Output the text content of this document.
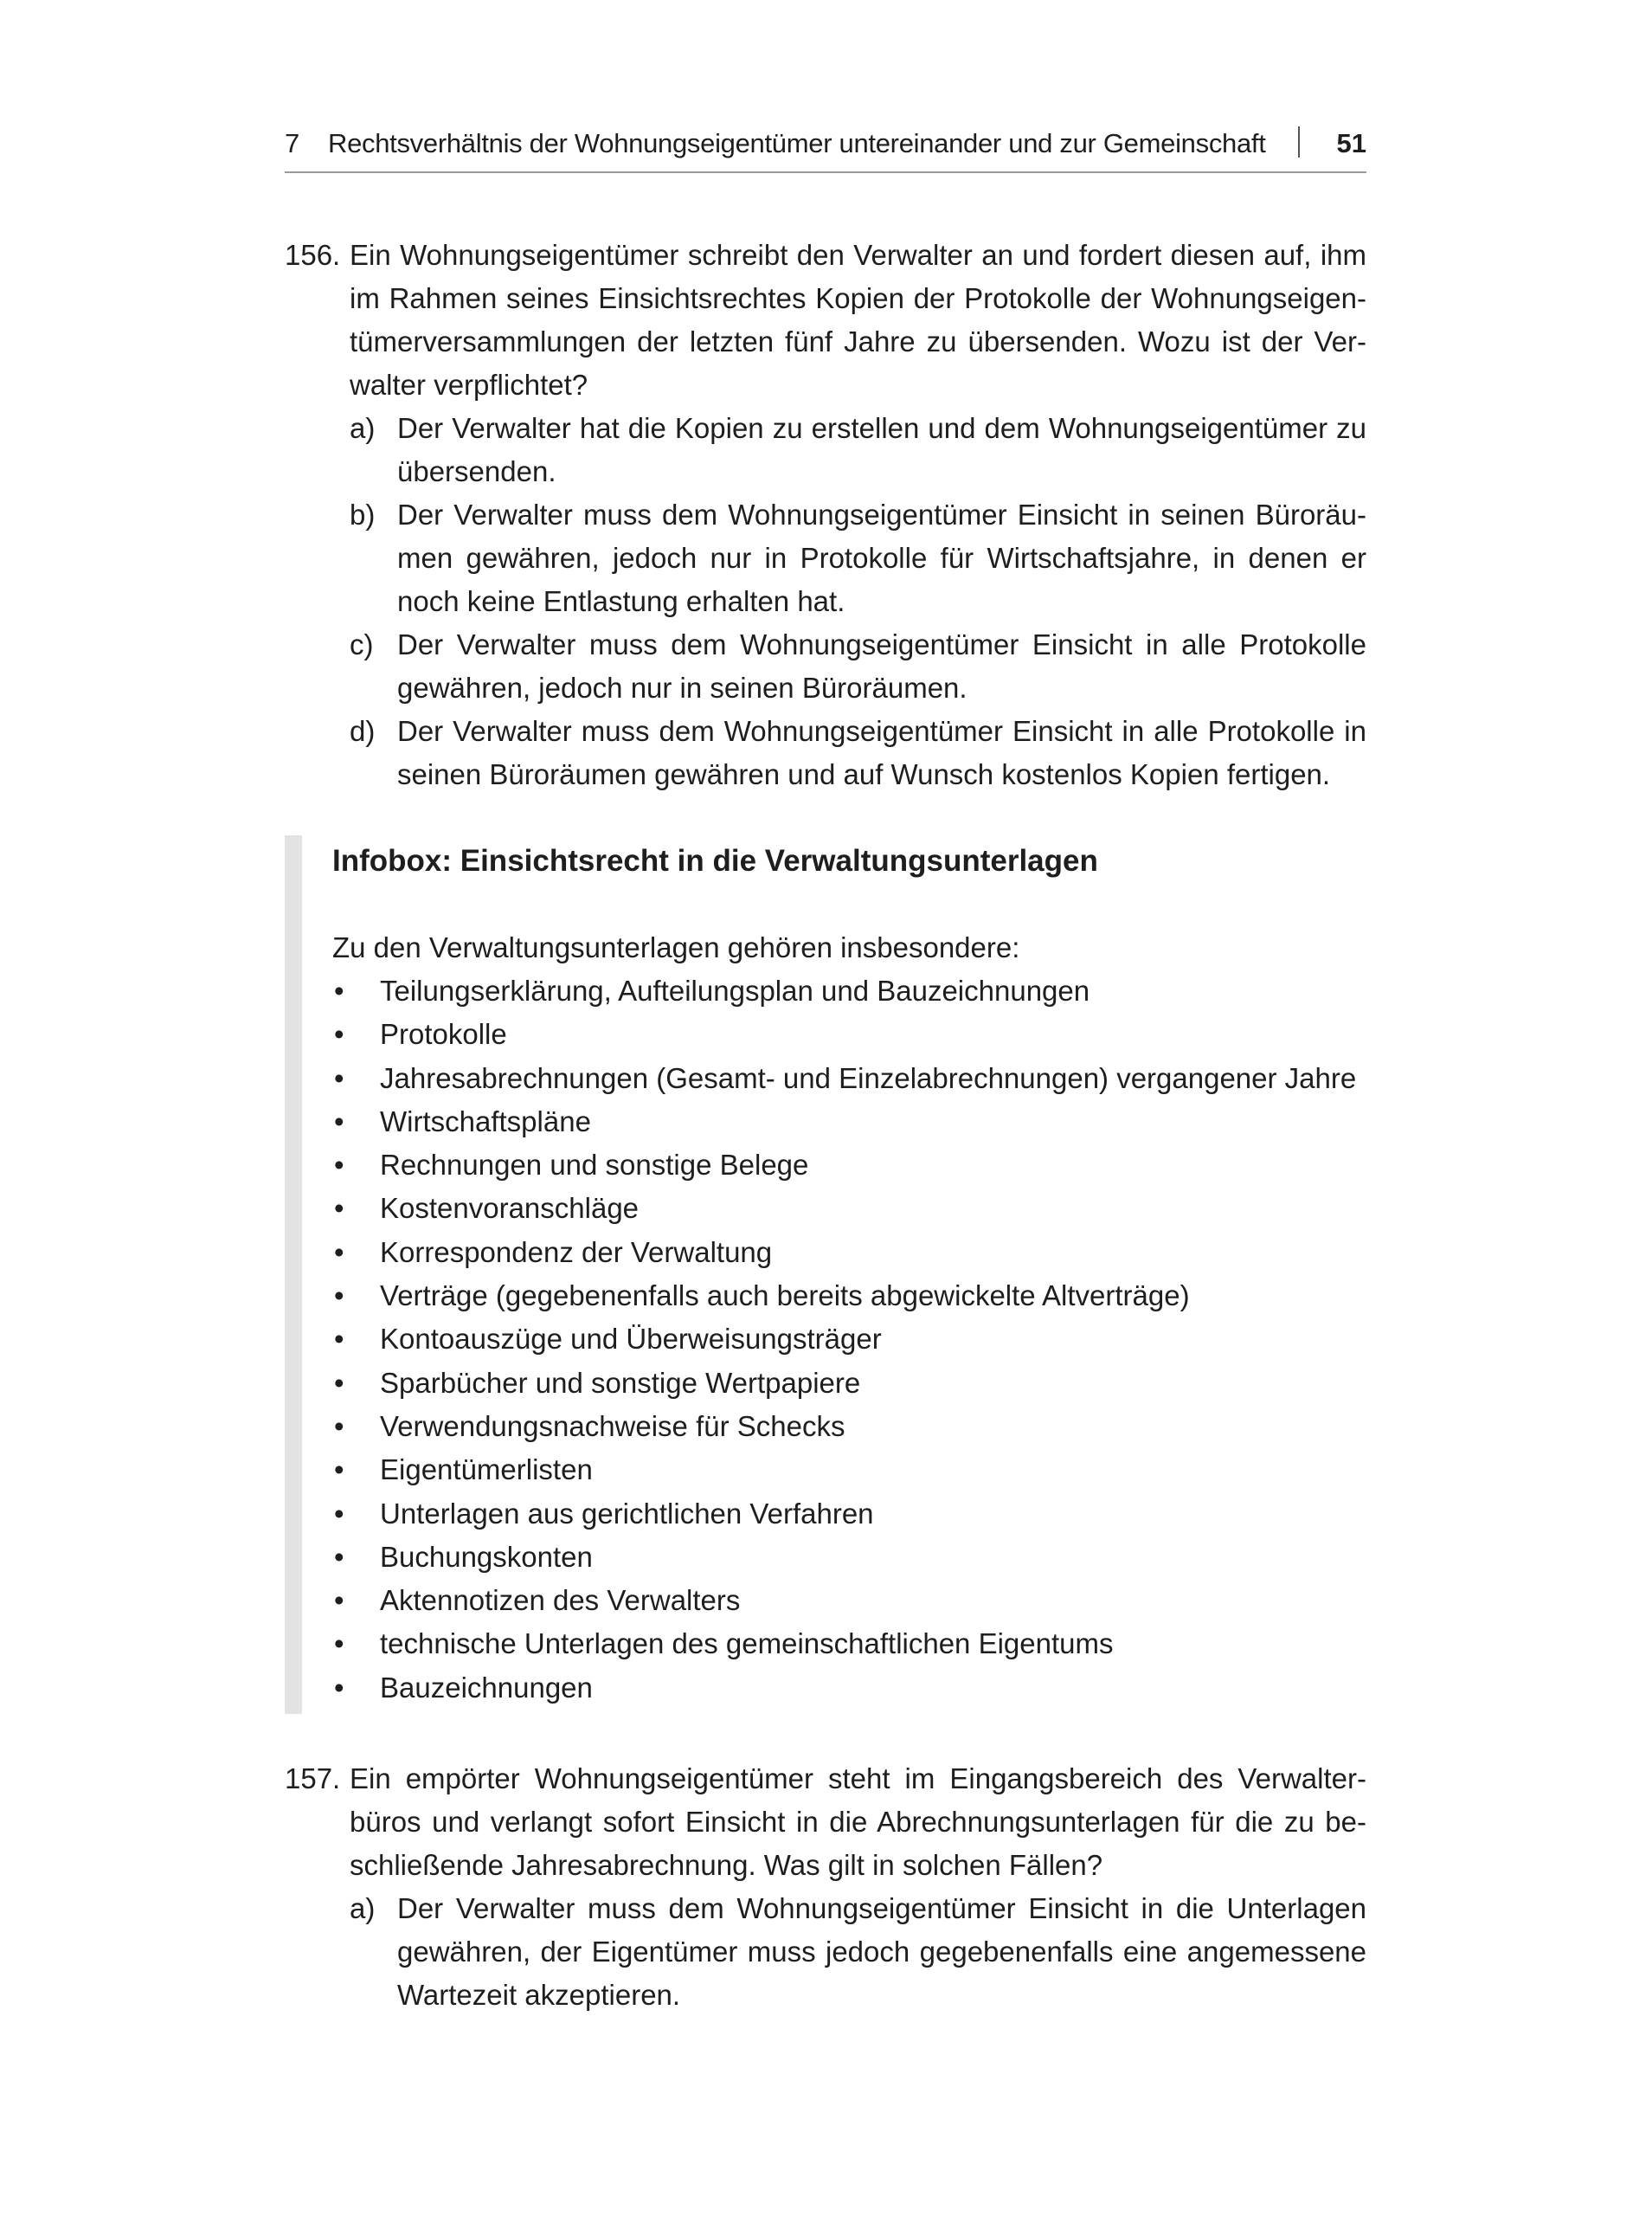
7 Rechtsverhältnis der Wohnungseigentümer untereinander und zur Gemeinschaft	51
156. Ein Wohnungseigentümer schreibt den Verwalter an und fordert diesen auf, ihm im Rahmen seines Einsichtsrechtes Kopien der Protokolle der Wohnungseigentümerversammlungen der letzten fünf Jahre zu übersenden. Wozu ist der Verwalter verpflichtet?
a) Der Verwalter hat die Kopien zu erstellen und dem Wohnungseigentümer zu übersenden.
b) Der Verwalter muss dem Wohnungseigentümer Einsicht in seinen Büroräumen gewähren, jedoch nur in Protokolle für Wirtschaftsjahre, in denen er noch keine Entlastung erhalten hat.
c) Der Verwalter muss dem Wohnungseigentümer Einsicht in alle Protokolle gewähren, jedoch nur in seinen Büroräumen.
d) Der Verwalter muss dem Wohnungseigentümer Einsicht in alle Protokolle in seinen Büroräumen gewähren und auf Wunsch kostenlos Kopien fertigen.
Infobox: Einsichtsrecht in die Verwaltungsunterlagen
Zu den Verwaltungsunterlagen gehören insbesondere:
• Teilungserklärung, Aufteilungsplan und Bauzeichnungen
• Protokolle
• Jahresabrechnungen (Gesamt- und Einzelabrechnungen) vergangener Jahre
• Wirtschaftspläne
• Rechnungen und sonstige Belege
• Kostenvoranschläge
• Korrespondenz der Verwaltung
• Verträge (gegebenenfalls auch bereits abgewickelte Altverträge)
• Kontoauszüge und Überweisungsträger
• Sparbücher und sonstige Wertpapiere
• Verwendungsnachweise für Schecks
• Eigentümerlisten
• Unterlagen aus gerichtlichen Verfahren
• Buchungskonten
• Aktennotizen des Verwalters
• technische Unterlagen des gemeinschaftlichen Eigentums
• Bauzeichnungen
157. Ein empörter Wohnungseigentümer steht im Eingangsbereich des Verwalterbüros und verlangt sofort Einsicht in die Abrechnungsunterlagen für die zu beschließende Jahresabrechnung. Was gilt in solchen Fällen?
a) Der Verwalter muss dem Wohnungseigentümer Einsicht in die Unterlagen gewähren, der Eigentümer muss jedoch gegebenenfalls eine angemessene Wartezeit akzeptieren.
